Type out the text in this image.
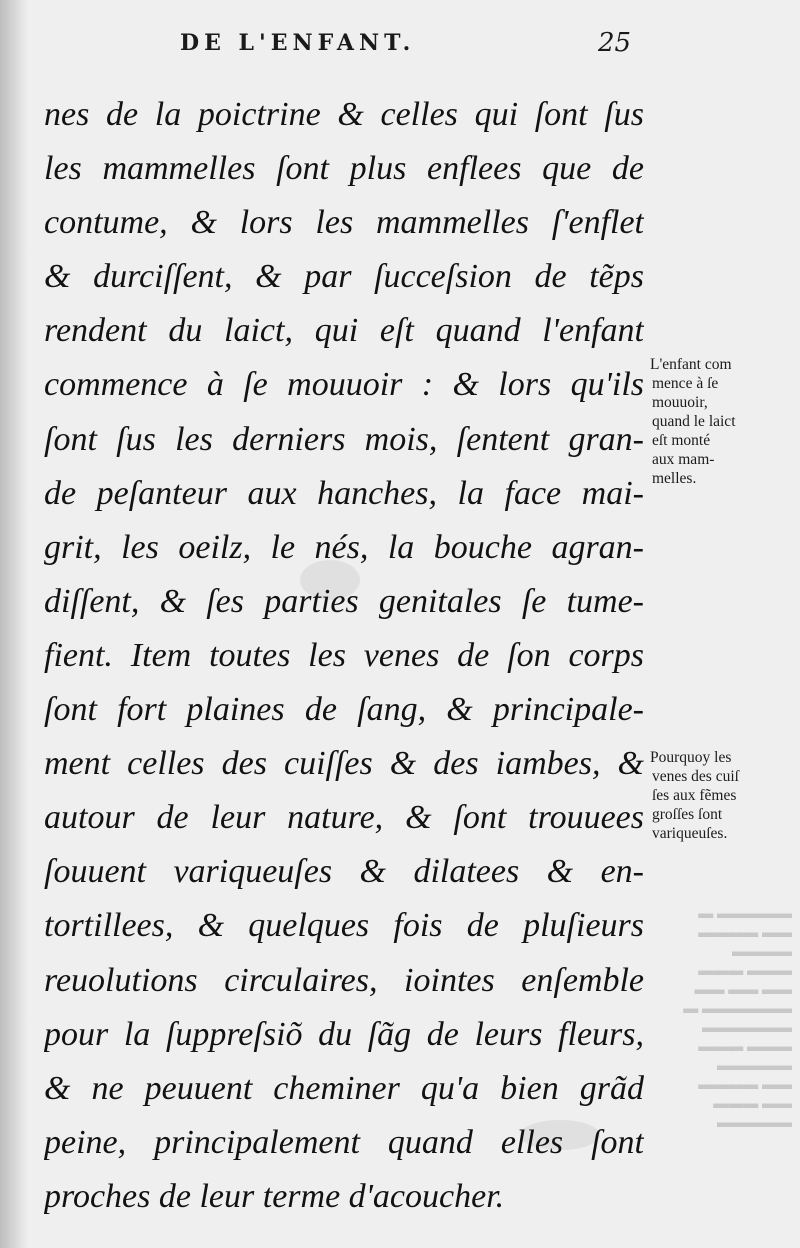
DE L'ENFANT.	25
nes de la poictrine & celles qui ſont ſus
les mammelles ſont plus enflees que de
contume, & lors les mammelles ſ'enflet
& durciſſent, & par ſucceſsion de tẽps
rendent du laict, qui eſt quand l'enfant
commence à ſe mouuoir : & lors qu'ils
ſont ſus les derniers mois, ſentent gran-
de peſanteur aux hanches, la face mai-
grit, les oeilz, le nés, la bouche agran-
diſſent, & ſes parties genitales ſe tume-
fient. Item toutes les venes de ſon corps
ſont fort plaines de ſang, & principale-
ment celles des cuiſſes & des iambes, &
autour de leur nature, & ſont trouuees
ſouuent variqueuſes & dilatees & en-
tortillees, & quelques fois de pluſieurs
reuolutions circulaires, iointes enſemble
pour la ſuppreſsiõ du ſãg de leurs fleurs,
& ne peuuent cheminer qu'a bien grãd
peine, principalement quand elles ſont
proches de leur terme d'acoucher.
L'enfant com
mence à ſe
mouuoir,
quand le laict
eſt monté
aux mam-
melles.
Pourquoy les
venes des cuiſ
ſes aux fẽmes
groſſes ſont
variqueuſes.
▬▬▬▬▬ ▬
▬▬ ▬▬▬▬
▬▬▬▬
▬▬▬ ▬▬▬
▬▬ ▬▬ ▬▬
▬▬▬▬▬▬ ▬
▬▬▬▬▬▬
▬▬▬ ▬▬▬
▬▬▬▬▬
▬▬ ▬▬▬▬
▬▬ ▬▬▬
▬▬▬▬▬
